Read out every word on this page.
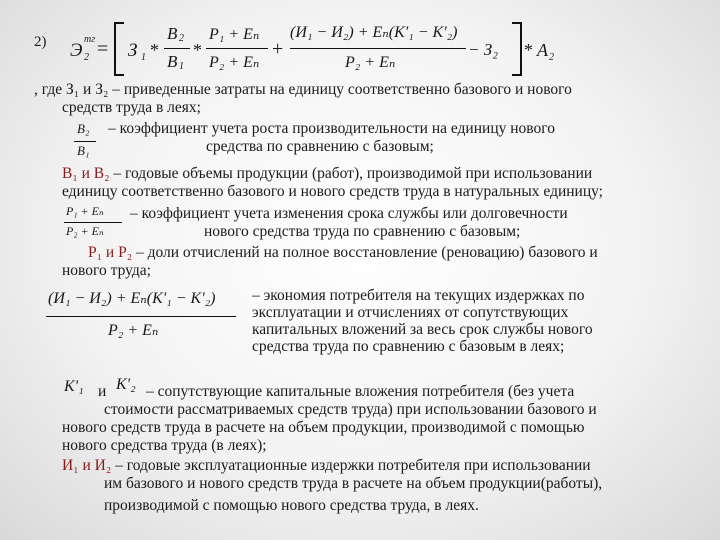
2) Э
тг
2 = З 1 *
B 2
B 1
*
P₁ + Eₙ
P₂ + Eₙ
+
(И₁ − И₂) + Eₙ(K'₁ − K'₂)
P₂ + Eₙ
− З₂ * A 2
, где З₁ и З₂ – приведенные затраты на единицу соответственно базового и нового
средств труда в леях;
B₂
B₁
– коэффициент учета роста производительности на единицу нового
средства по сравнению с базовым;
B₁ и B₂ – годовые объемы продукции (работ), производимой при использовании
единицу соответственно базового и нового средств труда в натуральных единицу;
P₁ + Eₙ
P₂ + Eₙ
– коэффициент учета изменения срока службы или долговечности
нового средства труда по сравнению с базовым;
P₁ и P₂ – доли отчислений на полное восстановление (реновацию) базового и
нового труда;
(И₁ − И₂) + Eₙ(K'₁ − K'₂)
P₂ + Eₙ
– экономия потребителя на текущих издержках по
эксплуатации и отчислениях от сопутствующих
капитальных вложений за весь срок службы нового
средства труда по сравнению с базовым в леях;
K'₁ и K'₂ – сопутствующие капитальные вложения потребителя (без учета
стоимости рассматриваемых средств труда) при использовании базового и
нового средств труда в расчете на объем продукции, производимой с помощью
нового средства труда (в леях);
И₁ и И₂ – годовые эксплуатационные издержки потребителя при использовании
им базового и нового средств труда в расчете на объем продукции(работы),
производимой с помощью нового средства труда, в леях.
